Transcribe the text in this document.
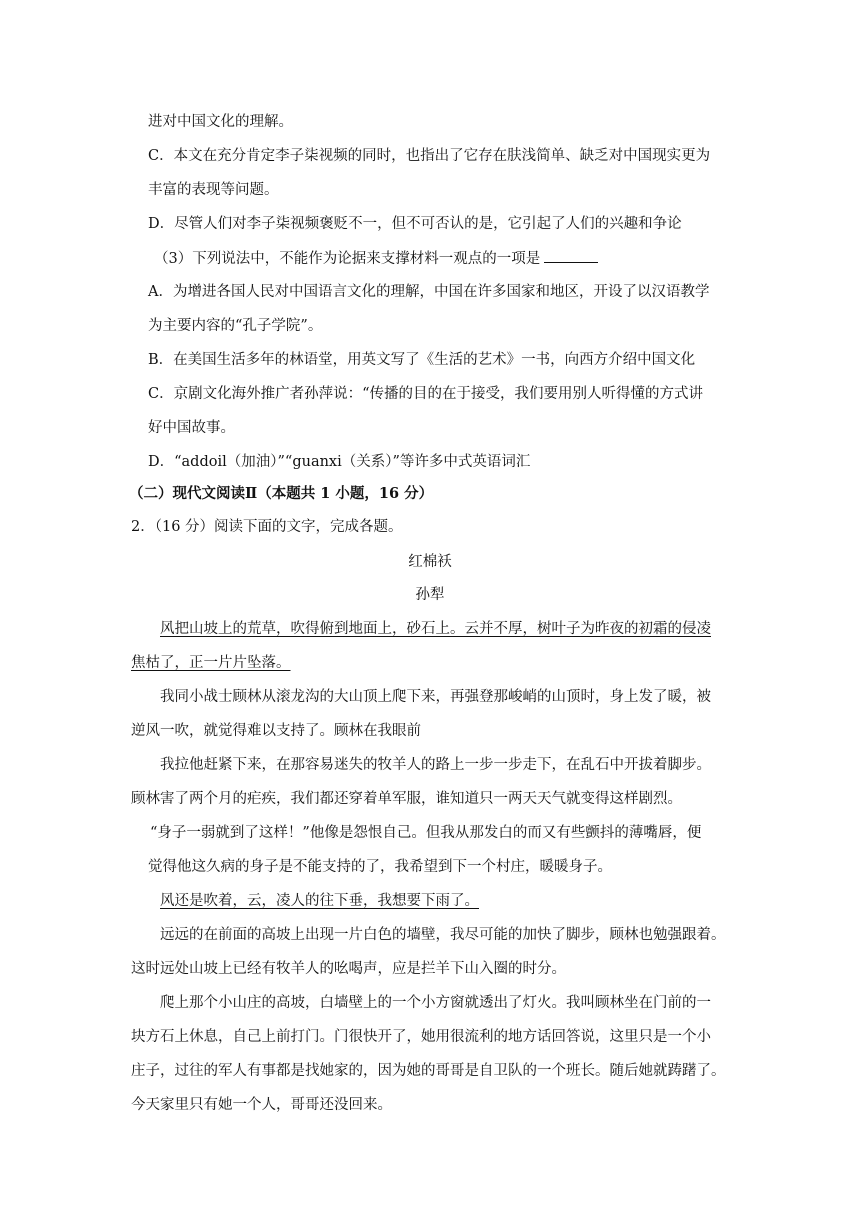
进对中国文化的理解。
C．本文在充分肯定李子柒视频的同时，也指出了它存在肤浅简单、缺乏对中国现实更为
丰富的表现等问题。
D．尽管人们对李子柒视频褒贬不一，但不可否认的是，它引起了人们的兴趣和争论
（3）下列说法中，不能作为论据来支撑材料一观点的一项是
A．为增进各国人民对中国语言文化的理解，中国在许多国家和地区，开设了以汉语教学
为主要内容的“孔子学院”。
B．在美国生活多年的林语堂，用英文写了《生活的艺术》一书，向西方介绍中国文化
C．京剧文化海外推广者孙萍说：“传播的目的在于接受，我们要用别人听得懂的方式讲
好中国故事。
D．“addoil（加油）”“guanxi（关系）”等许多中式英语词汇
（二）现代文阅读Ⅱ（本题共 1 小题，16 分）
2．（16 分）阅读下面的文字，完成各题。
红棉袄
孙犁
风把山坡上的荒草，吹得俯到地面上，砂石上。云并不厚，树叶子为昨夜的初霜的侵凌
焦枯了，正一片片坠落。
我同小战士顾林从滚龙沟的大山顶上爬下来，再强登那峻峭的山顶时，身上发了暖，被
逆风一吹，就觉得难以支持了。顾林在我眼前
我拉他赶紧下来，在那容易迷失的牧羊人的路上一步一步走下，在乱石中开拔着脚步。
顾林害了两个月的疟疾，我们都还穿着单军服，谁知道只一两天天气就变得这样剧烈。
“身子一弱就到了这样！”他像是怨恨自己。但我从那发白的而又有些颤抖的薄嘴唇，便
觉得他这久病的身子是不能支持的了，我希望到下一个村庄，暖暖身子。
风还是吹着，云，凌人的往下垂，我想要下雨了。
远远的在前面的高坡上出现一片白色的墙壁，我尽可能的加快了脚步，顾林也勉强跟着。
这时远处山坡上已经有牧羊人的吆喝声，应是拦羊下山入圈的时分。
爬上那个小山庄的高坡，白墙壁上的一个小方窗就透出了灯火。我叫顾林坐在门前的一
块方石上休息，自己上前打门。门很快开了，她用很流利的地方话回答说，这里只是一个小
庄子，过往的军人有事都是找她家的，因为她的哥哥是自卫队的一个班长。随后她就踌躇了。
今天家里只有她一个人，哥哥还没回来。
